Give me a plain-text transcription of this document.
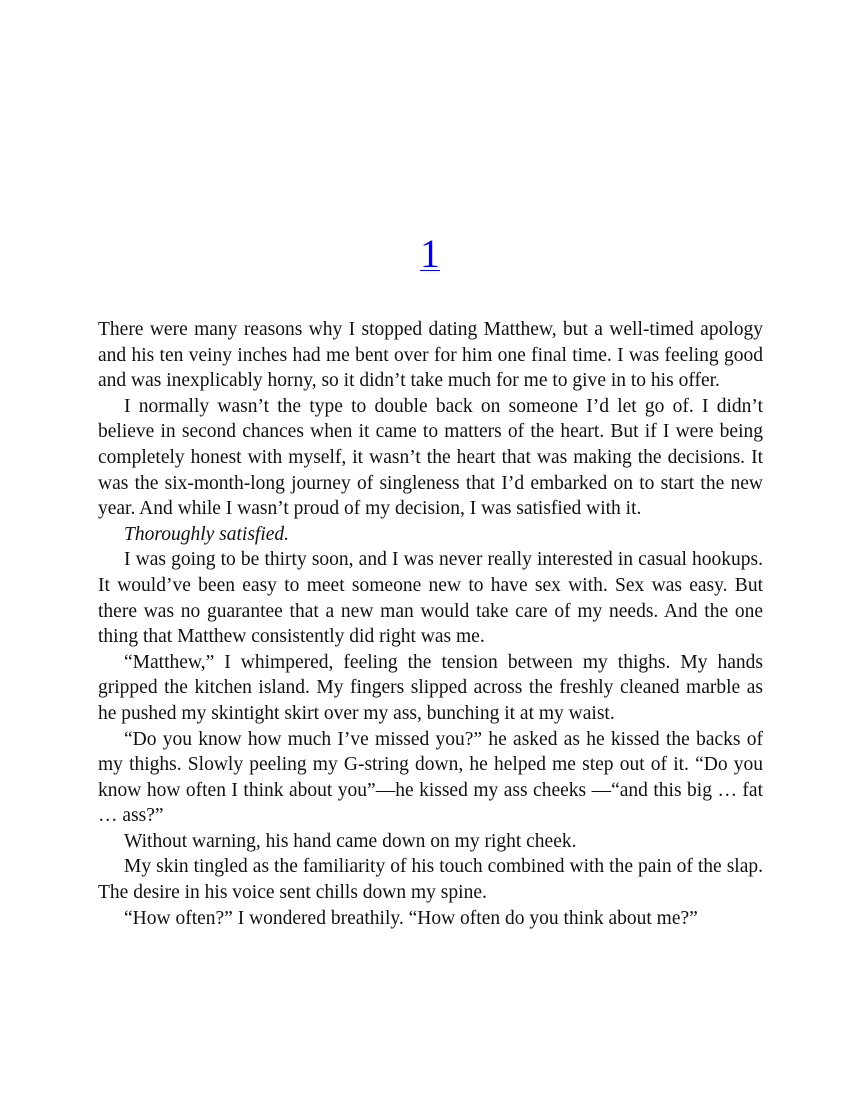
1

There were many reasons why I stopped dating Matthew, but a well-timed apology and his ten veiny inches had me bent over for him one final time. I was feeling good and was inexplicably horny, so it didn’t take much for me to give in to his offer.

I normally wasn’t the type to double back on someone I’d let go of. I didn’t believe in second chances when it came to matters of the heart. But if I were being completely honest with myself, it wasn’t the heart that was making the decisions. It was the six-month-long journey of singleness that I’d embarked on to start the new year. And while I wasn’t proud of my decision, I was satisfied with it.

Thoroughly satisfied.

I was going to be thirty soon, and I was never really interested in casual hookups. It would’ve been easy to meet someone new to have sex with. Sex was easy. But there was no guarantee that a new man would take care of my needs. And the one thing that Matthew consistently did right was me.

“Matthew,” I whimpered, feeling the tension between my thighs. My hands gripped the kitchen island. My fingers slipped across the freshly cleaned marble as he pushed my skintight skirt over my ass, bunching it at my waist.

“Do you know how much I’ve missed you?” he asked as he kissed the backs of my thighs. Slowly peeling my G-string down, he helped me step out of it. “Do you know how often I think about you”—he kissed my ass cheeks —“and this big … fat … ass?”

Without warning, his hand came down on my right cheek.

My skin tingled as the familiarity of his touch combined with the pain of the slap. The desire in his voice sent chills down my spine.

“How often?” I wondered breathily. “How often do you think about me?”
